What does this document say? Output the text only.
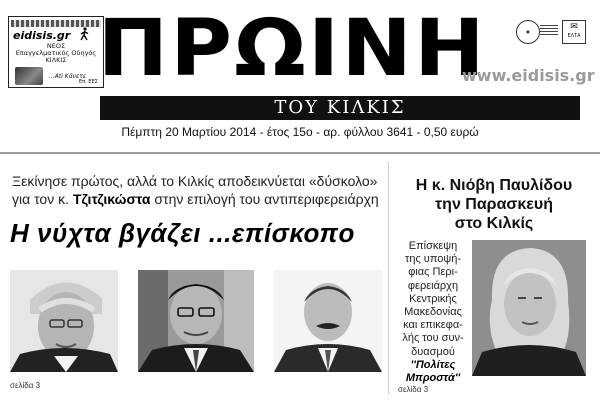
eidisis.gr
ΝΕΟΣ
Επαγγελματικός Οδηγός
ΚΙΛΚΙΣ
...Ati Κάνετε
Επ. ΕΕΣ ΠΡΩΙΝΗ	●	✉
ΕΛΤΑ
www.eidisis.gr
ΤΟΥ ΚΙΛΚΙΣ
Πέμπτη 20 Μαρτίου 2014 - έτος 15ο - αρ. φύλλου 3641 - 0,50 ευρώ
Ξεκίνησε πρώτος, αλλά το Κιλκίς αποδεικνύεται «δύσκολο» για τον κ. Τζιτζικώστα στην επιλογή του αντιπεριφερειάρχη
Η νύχτα βγάζει ...επίσκοπο
σελίδα 3
Η κ. Νιόβη Παυλίδου
την Παρασκευή
στο Κιλκίς
Επίσκεψη
της υποψή-
φιας Περι-
φερειάρχη
Κεντρικής
Μακεδονίας
και επικεφα-
λής του συν-
δυασμού
''Πολίτες Μπροστά''
σελίδα 3
